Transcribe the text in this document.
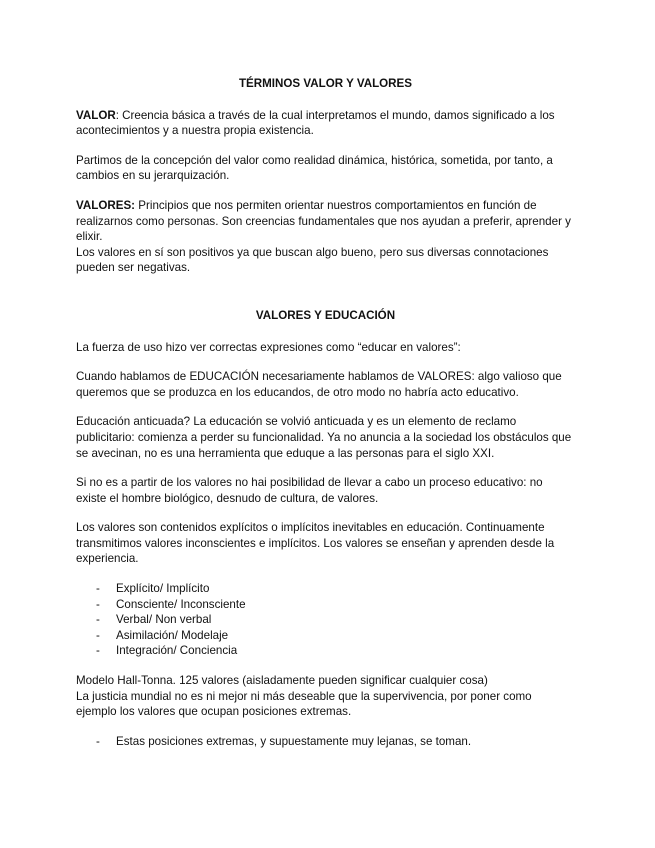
TÉRMINOS VALOR Y VALORES

VALOR: Creencia básica a través de la cual interpretamos el mundo, damos significado a los acontecimientos y a nuestra propia existencia.

Partimos de la concepción del valor como realidad dinámica, histórica, sometida, por tanto, a cambios en su jerarquización.

VALORES: Principios que nos permiten orientar nuestros comportamientos en función de realizarnos como personas. Son creencias fundamentales que nos ayudan a preferir, aprender y elixir.

Los valores en sí son positivos ya que buscan algo bueno, pero sus diversas connotaciones pueden ser negativas.

VALORES Y EDUCACIÓN

La fuerza de uso hizo ver correctas expresiones como “educar en valores”:

Cuando hablamos de EDUCACIÓN necesariamente hablamos de VALORES: algo valioso que queremos que se produzca en los educandos, de otro modo no habría acto educativo.

Educación anticuada? La educación se volvió anticuada y es un elemento de reclamo publicitario: comienza a perder su funcionalidad. Ya no anuncia a la sociedad los obstáculos que se avecinan, no es una herramienta que eduque a las personas para el siglo XXI.

Si no es a partir de los valores no hai posibilidad de llevar a cabo un proceso educativo: no existe el hombre biológico, desnudo de cultura, de valores.

Los valores son contenidos explícitos o implícitos inevitables en educación. Continuamente transmitimos valores inconscientes e implícitos. Los valores se enseñan y aprenden desde la experiencia.

- Explícito/ Implícito
- Consciente/ Inconsciente
- Verbal/ Non verbal
- Asimilación/ Modelaje
- Integración/ Conciencia

Modelo Hall-Tonna. 125 valores (aisladamente pueden significar cualquier cosa)

La justicia mundial no es ni mejor ni más deseable que la supervivencia, por poner como ejemplo los valores que ocupan posiciones extremas.

- Estas posiciones extremas, y supuestamente muy lejanas, se toman.
